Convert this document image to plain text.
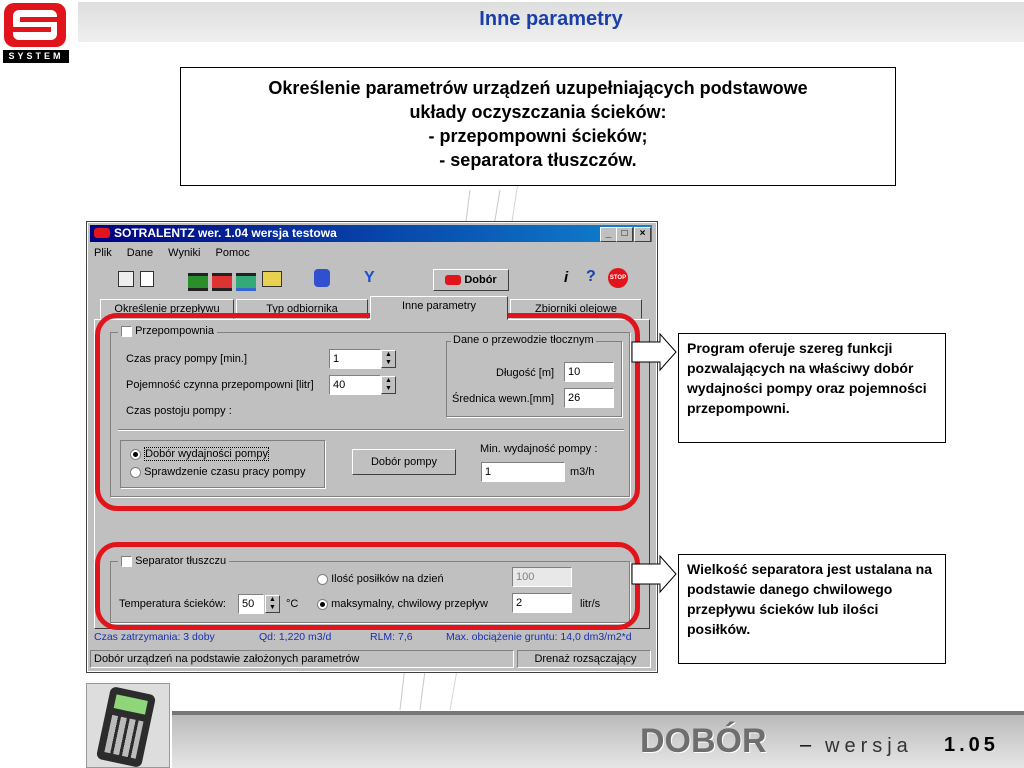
SYSTEM
Inne parametry
Określenie parametrów urządzeń uzupełniających podstawowe
układy oczyszczania ścieków:
- przepompowni ścieków;
- separatora tłuszczów.
SOTRALENTZ wer. 1.04 wersja testowa	_	□	×
Plik Dane Wyniki Pomoc
Y	Dobór	i ?	STOP
Określenie przepływu	Typ odbiornika	Inne parametry	Zbiorniki olejowe
Przepompownia
Czas pracy pompy [min.]	1	▲
▼
Pojemność czynna przepompowni [litr]	40	▲
▼
Czas postoju pompy :
Dane o przewodzie tłocznym
Długość [m]	10
Średnica wewn.[mm]	26
Dobór wydajności pompy
Sprawdzenie czasu pracy pompy
Dobór pompy
Min. wydajność pompy :
1	m3/h
Separator tłuszczu
Ilość posiłków na dzień	100
Temperatura ścieków:	50	▲
▼ °C	maksymalny, chwilowy przepływ	2	litr/s
Czas zatrzymania: 3 doby	Qd: 1,220 m3/d	RLM: 7,6	Max. obciążenie gruntu: 14,0 dm3/m2*d
Dobór urządzeń na podstawie założonych parametrów	Drenaż rozsączający
Program oferuje szereg funkcji pozwalających na właściwy dobór wydajności pompy oraz pojemności przepompowni.
Wielkość separatora jest ustalana na podstawie danego chwilowego przepływu ścieków lub ilości posiłków.
DOBÓR – wersja 1.05
